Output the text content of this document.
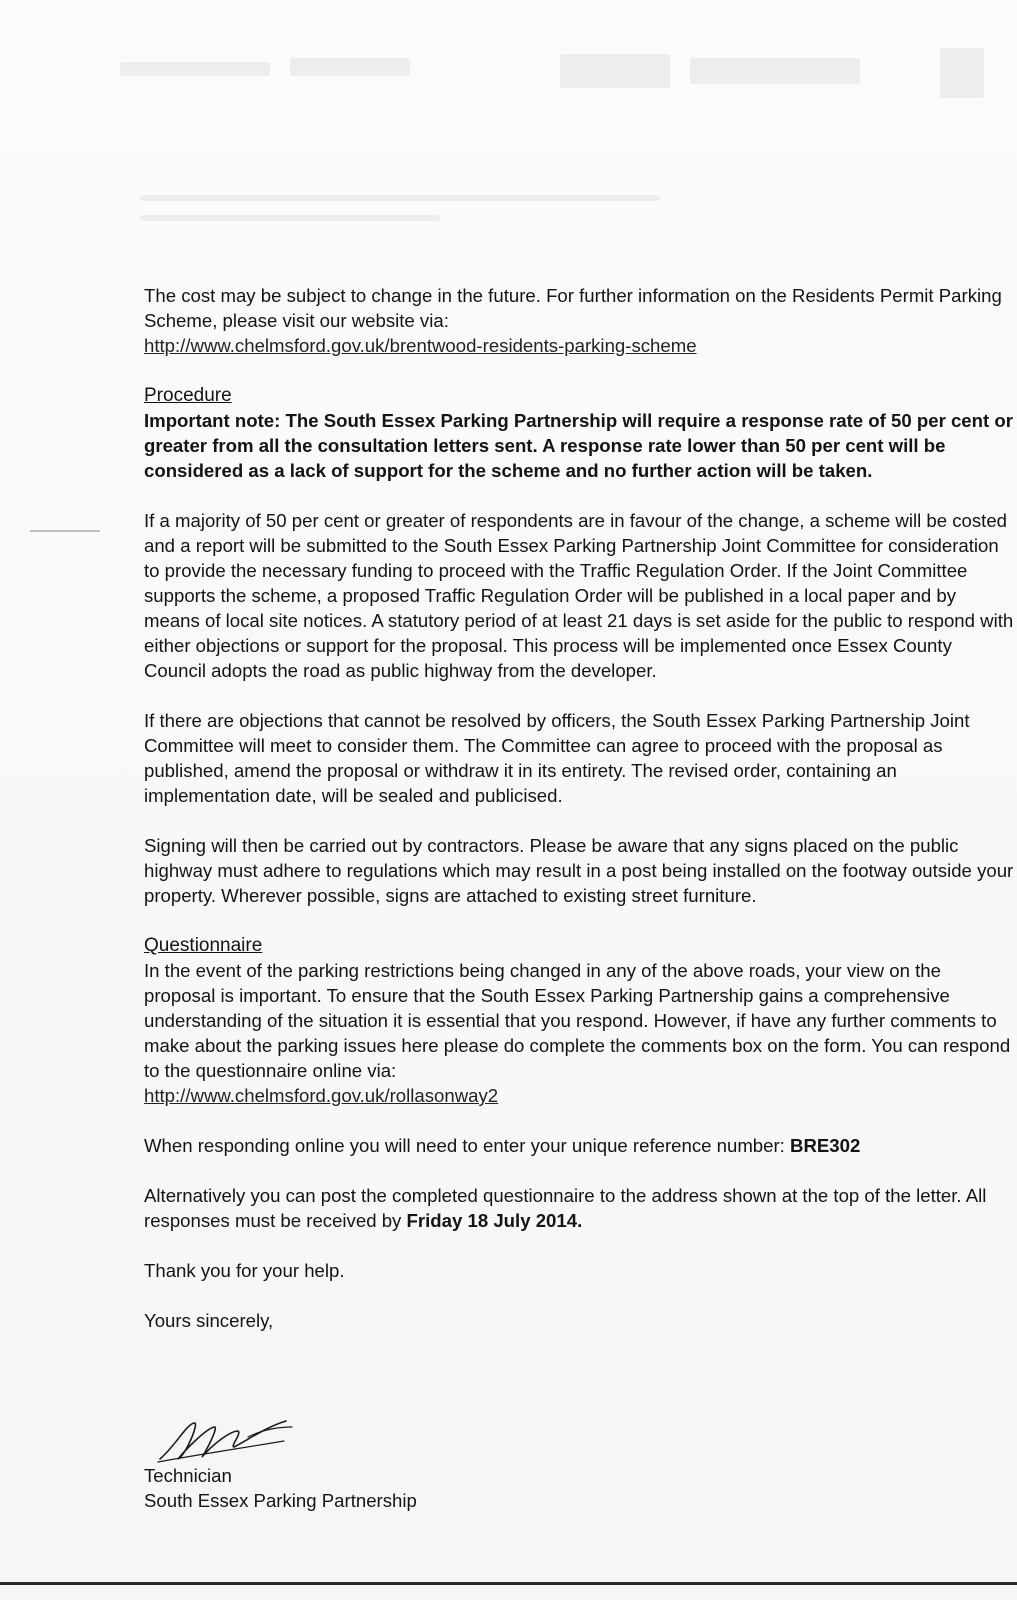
The cost may be subject to change in the future. For further information on the Residents Permit Parking Scheme, please visit our website via:

http://www.chelmsford.gov.uk/brentwood-residents-parking-scheme

Procedure

Important note: The South Essex Parking Partnership will require a response rate of 50 per cent or greater from all the consultation letters sent. A response rate lower than 50 per cent will be considered as a lack of support for the scheme and no further action will be taken.

If a majority of 50 per cent or greater of respondents are in favour of the change, a scheme will be costed and a report will be submitted to the South Essex Parking Partnership Joint Committee for consideration to provide the necessary funding to proceed with the Traffic Regulation Order. If the Joint Committee supports the scheme, a proposed Traffic Regulation Order will be published in a local paper and by means of local site notices. A statutory period of at least 21 days is set aside for the public to respond with either objections or support for the proposal. This process will be implemented once Essex County Council adopts the road as public highway from the developer.

If there are objections that cannot be resolved by officers, the South Essex Parking Partnership Joint Committee will meet to consider them. The Committee can agree to proceed with the proposal as published, amend the proposal or withdraw it in its entirety. The revised order, containing an implementation date, will be sealed and publicised.

Signing will then be carried out by contractors. Please be aware that any signs placed on the public highway must adhere to regulations which may result in a post being installed on the footway outside your property. Wherever possible, signs are attached to existing street furniture.

Questionnaire

In the event of the parking restrictions being changed in any of the above roads, your view on the proposal is important. To ensure that the South Essex Parking Partnership gains a comprehensive understanding of the situation it is essential that you respond. However, if have any further comments to make about the parking issues here please do complete the comments box on the form. You can respond to the questionnaire online via:

http://www.chelmsford.gov.uk/rollasonway2

When responding online you will need to enter your unique reference number: BRE302

Alternatively you can post the completed questionnaire to the address shown at the top of the letter. All responses must be received by Friday 18 July 2014.

Thank you for your help.

Yours sincerely,

Technician

South Essex Parking Partnership
